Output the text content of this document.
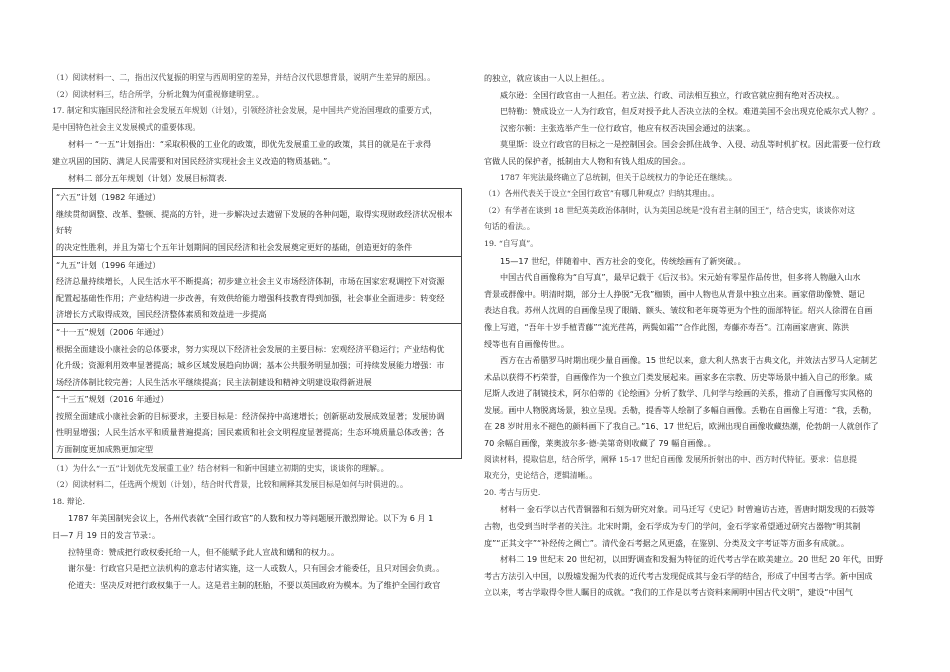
（1）阅读材料一、二，指出汉代复振的明堂与西周明堂的差异，并结合汉代思想背景，说明产生差异的原因。。

（2）阅读材料三，结合所学，分析北魏为何重视修建明堂。。

17. 制定和实施国民经济和社会发展五年规划（计划），引领经济社会发展，是中国共产党治国理政的重要方式，

是中国特色社会主义发展模式的重要体现。

材料一 “一五”计划指出：“采取积极的工业化的政策，即优先发展重工业的政策，其目的就是在于求得

建立巩固的国防、满足人民需要和对国民经济实现社会主义改造的物质基础。”。

材料二 部分五年规划（计划）发展目标简表.

“六五”计划（1982 年通过）

继续贯彻调整、改革、整顿、提高的方针，进一步解决过去遗留下发展的各种问题，取得实现财政经济状况根本好转

的决定性胜利，并且为第七个五年计划期间的国民经济和社会发展奠定更好的基础，创造更好的条件

“九五”计划（1996 年通过）

经济总量持续增长，人民生活水平不断提高；初步建立社会主义市场经济体制，市场在国家宏观调控下对资源

配置起基础性作用；产业结构进一步改善，有效供给能力增强科技教育得到加强，社会事业全面进步：转变经

济增长方式取得成效，国民经济整体素质和效益进一步提高

“十一五”规划（2006 年通过）

根据全面建设小康社会的总体要求，努力实现以下经济社会发展的主要目标：宏观经济平稳运行；产业结构优

化升级；资源利用效率显著提高；城乡区域发展趋向协调；基本公共服务明显加强；可持续发展能力增强：市

场经济体制比较完善；人民生活水平继续提高；民主法制建设和精神文明建设取得新进展

“十三五”规划（2016 年通过）

按照全面建成小康社会新的目标要求，主要目标是：经济保持中高速增长；创新驱动发展成效显著；发展协调

性明显增强；人民生活水平和质量普遍提高；国民素质和社会文明程度显著提高；生态环境质量总体改善；各

方面制度更加成熟更加定型

（1）为什么“一五”计划优先发展重工业？结合材料一和新中国建立初期的史实，谈谈你的理解。。

（2）阅读材料二，任选两个规划（计划），结合时代背景，比较和阐释其发展目标是如何与时俱进的。。

18. 辩论.

1787 年美国制宪会议上，各州代表就“全国行政官”的人数和权力等问题展开激烈辩论。以下为 6 月 1

日—7 月 19 日的发言节录：。

拉特里奇：赞成把行政权委托给一人，但不能赋予此人宣战和媾和的权力。。

谢尔曼：行政官只是把立法机构的意志付诸实施，这一人或数人，只有国会才能委任，且只对国会负责。。

伦道夫：坚决反对把行政权集于一人。这是君主制的胚胎，不要以英国政府为模本。为了维护全国行政官

的独立，就应该由一人以上担任。。

威尔逊：全国行政官由一人担任。若立法、行政、司法相互独立，行政官就应拥有绝对否决权。。

巴特勒：赞成设立一人为行政官，但反对授予此人否决立法的全权。难道美国不会出现克伦威尔式人物？。

汉密尔顿：主张选举产生一位行政官，他应有权否决国会通过的法案。。

莫里斯：设立行政官的目标之一是控制国会。国会会抓住战争、入侵、动乱等时机扩权。因此需要一位行政

官做人民的保护者，抵制由大人物和有钱人组成的国会。。

1787 年宪法最终确立了总统制，但关于总统权力的争论还在继续。。

（1）各州代表关于设立“全国行政官”有哪几种观点？归纳其理由。。

（2）有学者在谈到 18 世纪英美政治体制时，认为美国总统是“没有君主制的国王”，结合史实，谈谈你对这

句话的看法。。

19. “自写真”。

15—17 世纪，伴随着中、西方社会的变化，传统绘画有了新突破。。

中国古代自画像称为“自写真”，最早记载于《后汉书》。宋元始有零星作品传世，但多将人物融入山水

背景或群像中。明清时期，部分士人挣脱“无我”枷锁，画中人物也从背景中独立出来。画家借助像赞、题记

表达自我。苏州人沈周的自画像呈现了眼睛、额头、皱纹和老年斑等更为个性的面部特征。绍兴人徐渭在自画

像上写道，“吾年十岁手植青藤”“流光荏苒，两鬓如霜”“合作此图，寿藤亦寿吾”。江南画家唐寅、陈洪

绶等也有自画像传世。。

西方在古希腊罗马时期出现少量自画像。15 世纪以来，意大利人热衷于古典文化，并效法古罗马人定制艺

术品以获得不朽荣誉，自画像作为一个独立门类发展起来。画家多在宗教、历史等场景中插入自己的形象。威

尼斯人改进了制镜技术，阿尔伯蒂的《论绘画》分析了数学、几何学与绘画的关系，推动了自画像写实风格的

发展。画中人物脱离场景，独立呈现。丢勒，提香等人绘制了多幅自画像。丢勒在自画像上写道：“我，丢勒，

在 28 岁时用永不褪色的颜料画下了我自己。”16、17 世纪后，欧洲出现自画像收藏热潮，伦勃朗一人就创作了

70 余幅自画像，莱奥波尔多·德·美第奇则收藏了 79 幅自画像。。

阅读材料，提取信息，结合所学，阐释 15-17 世纪自画像 发展所折射出的中、西方时代特征。要求：信息提

取充分，史论结合，逻辑清晰。。

20. 考古与历史.

材料一 金石学以古代青铜器和石刻为研究对象。司马迁写《史记》时曾遍访古迹，晋唐时期发现的石鼓等

古物，也受到当时学者的关注。北宋时期，金石学成为专门的学问，金石学家希望通过研究古器物“明其制

度”“正其文字”“补经传之阙亡”。清代金石考据之风更盛，在鉴别、分类及文字考证等方面多有成就。。

材料二 19 世纪末 20 世纪初，以田野调查和发掘为特征的近代考古学在欧美建立。20 世纪 20 年代，田野

考古方法引入中国，以殷墟发掘为代表的近代考古发现促成其与金石学的结合，形成了中国考古学。新中国成

立以来，考古学取得令世人瞩目的成就。“我们的工作是以考古资料来阐明中国古代文明”，建设“中国气
